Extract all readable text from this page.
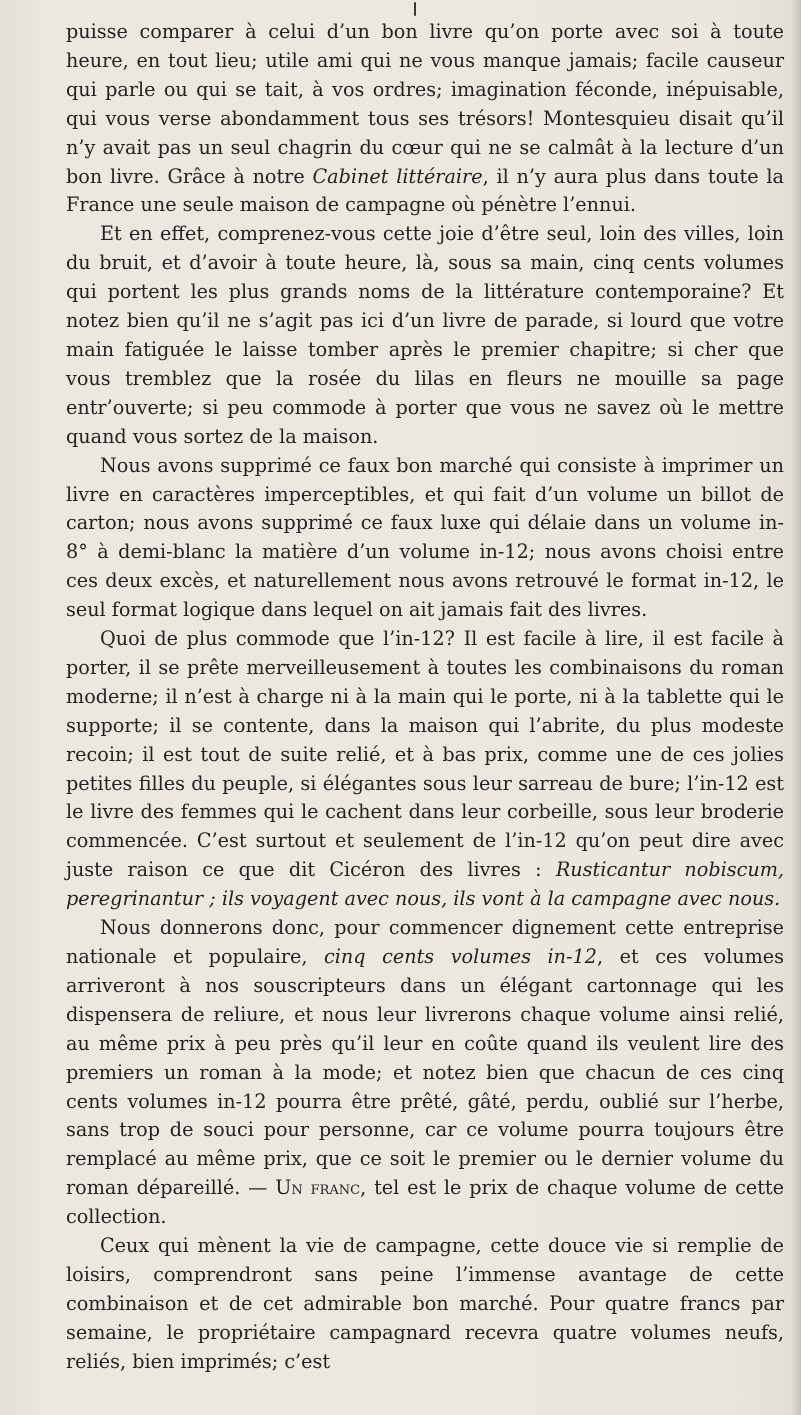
puisse comparer à celui d’un bon livre qu’on porte avec soi à toute heure, en tout lieu; utile ami qui ne vous manque jamais; facile causeur qui parle ou qui se tait, à vos ordres; imagination féconde, inépuisable, qui vous verse abondamment tous ses trésors! Montesquieu disait qu’il n’y avait pas un seul chagrin du cœur qui ne se calmât à la lecture d’un bon livre. Grâce à notre Cabinet littéraire, il n’y aura plus dans toute la France une seule maison de campagne où pénètre l’ennui.

Et en effet, comprenez-vous cette joie d’être seul, loin des villes, loin du bruit, et d’avoir à toute heure, là, sous sa main, cinq cents volumes qui portent les plus grands noms de la littérature contemporaine? Et notez bien qu’il ne s’agit pas ici d’un livre de parade, si lourd que votre main fatiguée le laisse tomber après le premier chapitre; si cher que vous tremblez que la rosée du lilas en fleurs ne mouille sa page entr’ouverte; si peu commode à porter que vous ne savez où le mettre quand vous sortez de la maison.

Nous avons supprimé ce faux bon marché qui consiste à imprimer un livre en caractères imperceptibles, et qui fait d’un volume un billot de carton; nous avons supprimé ce faux luxe qui délaie dans un volume in-8° à demi-blanc la matière d’un volume in-12; nous avons choisi entre ces deux excès, et naturellement nous avons retrouvé le format in-12, le seul format logique dans lequel on ait jamais fait des livres.

Quoi de plus commode que l’in-12? Il est facile à lire, il est facile à porter, il se prête merveilleusement à toutes les combinaisons du roman moderne; il n’est à charge ni à la main qui le porte, ni à la tablette qui le supporte; il se contente, dans la maison qui l’abrite, du plus modeste recoin; il est tout de suite relié, et à bas prix, comme une de ces jolies petites filles du peuple, si élégantes sous leur sarreau de bure; l’in-12 est le livre des femmes qui le cachent dans leur corbeille, sous leur broderie commencée. C’est surtout et seulement de l’in-12 qu’on peut dire avec juste raison ce que dit Cicéron des livres : Rusticantur nobiscum, peregrinantur ; ils voyagent avec nous, ils vont à la campagne avec nous.

Nous donnerons donc, pour commencer dignement cette entreprise nationale et populaire, cinq cents volumes in-12, et ces volumes arriveront à nos souscripteurs dans un élégant cartonnage qui les dispensera de reliure, et nous leur livrerons chaque volume ainsi relié, au même prix à peu près qu’il leur en coûte quand ils veulent lire des premiers un roman à la mode; et notez bien que chacun de ces cinq cents volumes in-12 pourra être prêté, gâté, perdu, oublié sur l’herbe, sans trop de souci pour personne, car ce volume pourra toujours être remplacé au même prix, que ce soit le premier ou le dernier volume du roman dépareillé. — Un franc, tel est le prix de chaque volume de cette collection.

Ceux qui mènent la vie de campagne, cette douce vie si remplie de loisirs, comprendront sans peine l’immense avantage de cette combinaison et de cet admirable bon marché. Pour quatre francs par semaine, le propriétaire campagnard recevra quatre volumes neufs, reliés, bien imprimés; c’est
